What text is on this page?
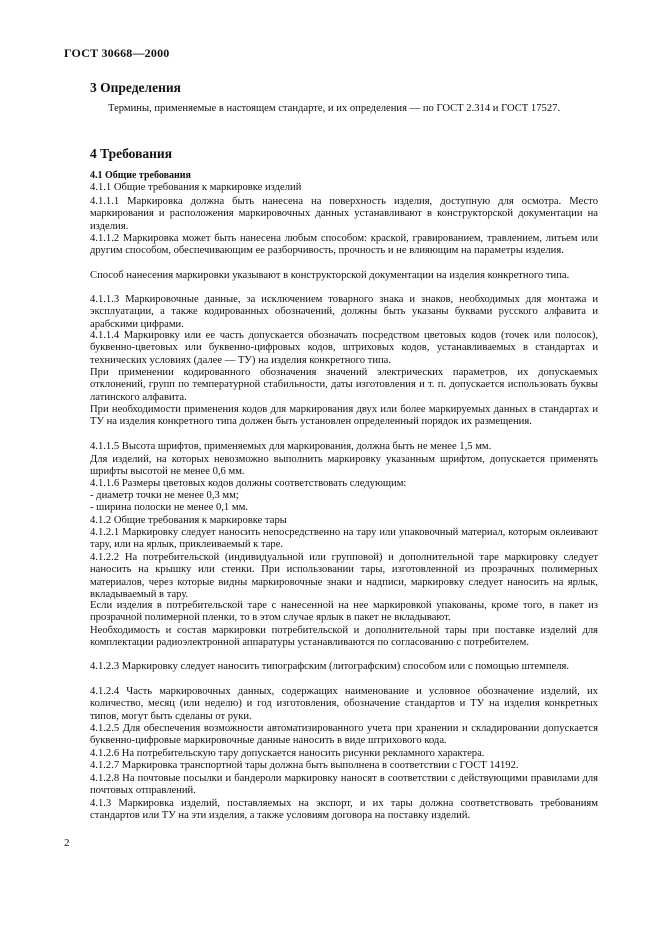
ГОСТ 30668—2000
3 Определения
Термины, применяемые в настоящем стандарте, и их определения — по ГОСТ 2.314 и ГОСТ 17527.
4 Требования
4.1 Общие требования
4.1.1 Общие требования к маркировке изделий
4.1.1.1 Маркировка должна быть нанесена на поверхность изделия, доступную для осмотра. Место маркирования и расположения маркировочных данных устанавливают в конструкторской документации на изделия.
4.1.1.2 Маркировка может быть нанесена любым способом: краской, гравированием, травлением, литьем или другим способом, обеспечивающим ее разборчивость, прочность и не влияющим на параметры изделия.
Способ нанесения маркировки указывают в конструкторской документации на изделия конкретного типа.
4.1.1.3 Маркировочные данные, за исключением товарного знака и знаков, необходимых для монтажа и эксплуатации, а также кодированных обозначений, должны быть указаны буквами русского алфавита и арабскими цифрами.
4.1.1.4 Маркировку или ее часть допускается обозначать посредством цветовых кодов (точек или полосок), буквенно-цветовых или буквенно-цифровых кодов, штриховых кодов, устанавливаемых в стандартах и технических условиях (далее — ТУ) на изделия конкретного типа.
При применении кодированного обозначения значений электрических параметров, их допускаемых отклонений, групп по температурной стабильности, даты изготовления и т. п. допускается использовать буквы латинского алфавита.
При необходимости применения кодов для маркирования двух или более маркируемых данных в стандартах и ТУ на изделия конкретного типа должен быть установлен определенный порядок их размещения.
4.1.1.5 Высота шрифтов, применяемых для маркирования, должна быть не менее 1,5 мм.
Для изделий, на которых невозможно выполнить маркировку указанным шрифтом, допускается применять шрифты высотой не менее 0,6 мм.
4.1.1.6 Размеры цветовых кодов должны соответствовать следующим:
- диаметр точки не менее 0,3 мм;
- ширина полоски не менее 0,1 мм.
4.1.2 Общие требования к маркировке тары
4.1.2.1 Маркировку следует наносить непосредственно на тару или упаковочный материал, которым оклеивают тару, или на ярлык, приклеиваемый к таре.
4.1.2.2 На потребительской (индивидуальной или групповой) и дополнительной таре маркировку следует наносить на крышку или стенки. При использовании тары, изготовленной из прозрачных полимерных материалов, через которые видны маркировочные знаки и надписи, маркировку следует наносить на ярлык, вкладываемый в тару.
Если изделия в потребительской таре с нанесенной на нее маркировкой упакованы, кроме того, в пакет из прозрачной полимерной пленки, то в этом случае ярлык в пакет не вкладывают.
Необходимость и состав маркировки потребительской и дополнительной тары при поставке изделий для комплектации радиоэлектронной аппаратуры устанавливаются по согласованию с потребителем.
4.1.2.3 Маркировку следует наносить типографским (литографским) способом или с помощью штемпеля.
4.1.2.4 Часть маркировочных данных, содержащих наименование и условное обозначение изделий, их количество, месяц (или неделю) и год изготовления, обозначение стандартов и ТУ на изделия конкретных типов, могут быть сделаны от руки.
4.1.2.5 Для обеспечения возможности автоматизированного учета при хранении и складировании допускается буквенно-цифровые маркировочные данные наносить в виде штрихового кода.
4.1.2.6 На потребительскую тару допускается наносить рисунки рекламного характера.
4.1.2.7 Маркировка транспортной тары должна быть выполнена в соответствии с ГОСТ 14192.
4.1.2.8 На почтовые посылки и бандероли маркировку наносят в соответствии с действующими правилами для почтовых отправлений.
4.1.3 Маркировка изделий, поставляемых на экспорт, и их тары должна соответствовать требованиям стандартов или ТУ на эти изделия, а также условиям договора на поставку изделий.
2
